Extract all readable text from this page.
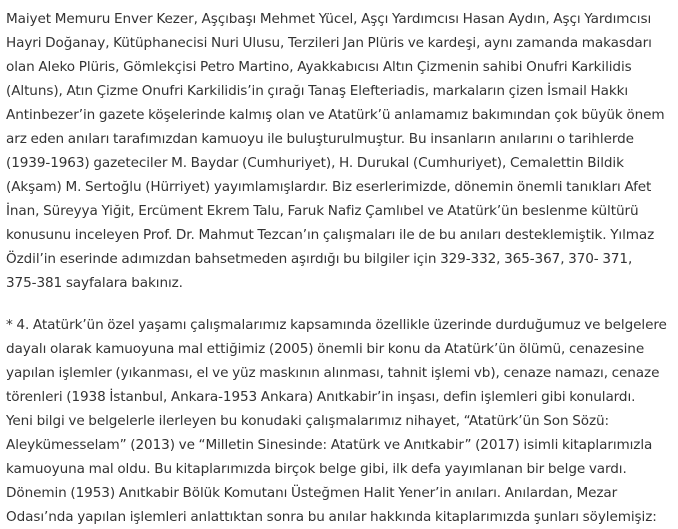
Maiyet Memuru Enver Kezer, Aşçıbaşı Mehmet Yücel, Aşçı Yardımcısı Hasan Aydın, Aşçı Yardımcısı
Hayri Doğanay, Kütüphanecisi Nuri Ulusu, Terzileri Jan Plüris ve kardeşi, aynı zamanda makasdarı
olan Aleko Plüris, Gömlekçisi Petro Martino, Ayakkabıcısı Altın Çizmenin sahibi Onufri Karkilidis
(Altuns), Atın Çizme Onufri Karkilidis’in çırağı Tanaş Elefteriadis, markaların çizen İsmail Hakkı
Antinbezer’in gazete köşelerinde kalmış olan ve Atatürk’ü anlamamız bakımından çok büyük önem
arz eden anıları tarafımızdan kamuoyu ile buluşturulmuştur. Bu insanların anılarını o tarihlerde
(1939-1963) gazeteciler M. Baydar (Cumhuriyet), H. Durukal (Cumhuriyet), Cemalettin Bildik
(Akşam) M. Sertoğlu (Hürriyet) yayımlamışlardır. Biz eserlerimizde, dönemin önemli tanıkları Afet
İnan, Süreyya Yiğit, Ercüment Ekrem Talu, Faruk Nafiz Çamlıbel ve Atatürk’ün beslenme kültürü
konusunu inceleyen Prof. Dr. Mahmut Tezcan’ın çalışmaları ile de bu anıları desteklemiştik. Yılmaz
Özdil’in eserinde adımızdan bahsetmeden aşırdığı bu bilgiler için 329-332, 365-367, 370- 371,
375-381 sayfalara bakınız.

* 4. Atatürk’ün özel yaşamı çalışmalarımız kapsamında özellikle üzerinde durduğumuz ve belgelere
dayalı olarak kamuoyuna mal ettiğimiz (2005) önemli bir konu da Atatürk’ün ölümü, cenazesine
yapılan işlemler (yıkanması, el ve yüz maskının alınması, tahnit işlemi vb), cenaze namazı, cenaze
törenleri (1938 İstanbul, Ankara-1953 Ankara) Anıtkabir’in inşası, defin işlemleri gibi konulardı.
Yeni bilgi ve belgelerle ilerleyen bu konudaki çalışmalarımız nihayet, “Atatürk’ün Son Sözü:
Aleykümesselam” (2013) ve “Milletin Sinesinde: Atatürk ve Anıtkabir” (2017) isimli kitaplarımızla
kamuoyuna mal oldu. Bu kitaplarımızda birçok belge gibi, ilk defa yayımlanan bir belge vardı.
Dönemin (1953) Anıtkabir Bölük Komutanı Üsteğmen Halit Yener’in anıları. Anılardan, Mezar
Odası’nda yapılan işlemleri anlattıktan sonra bu anılar hakkında kitaplarımızda şunları söylemişiz:
